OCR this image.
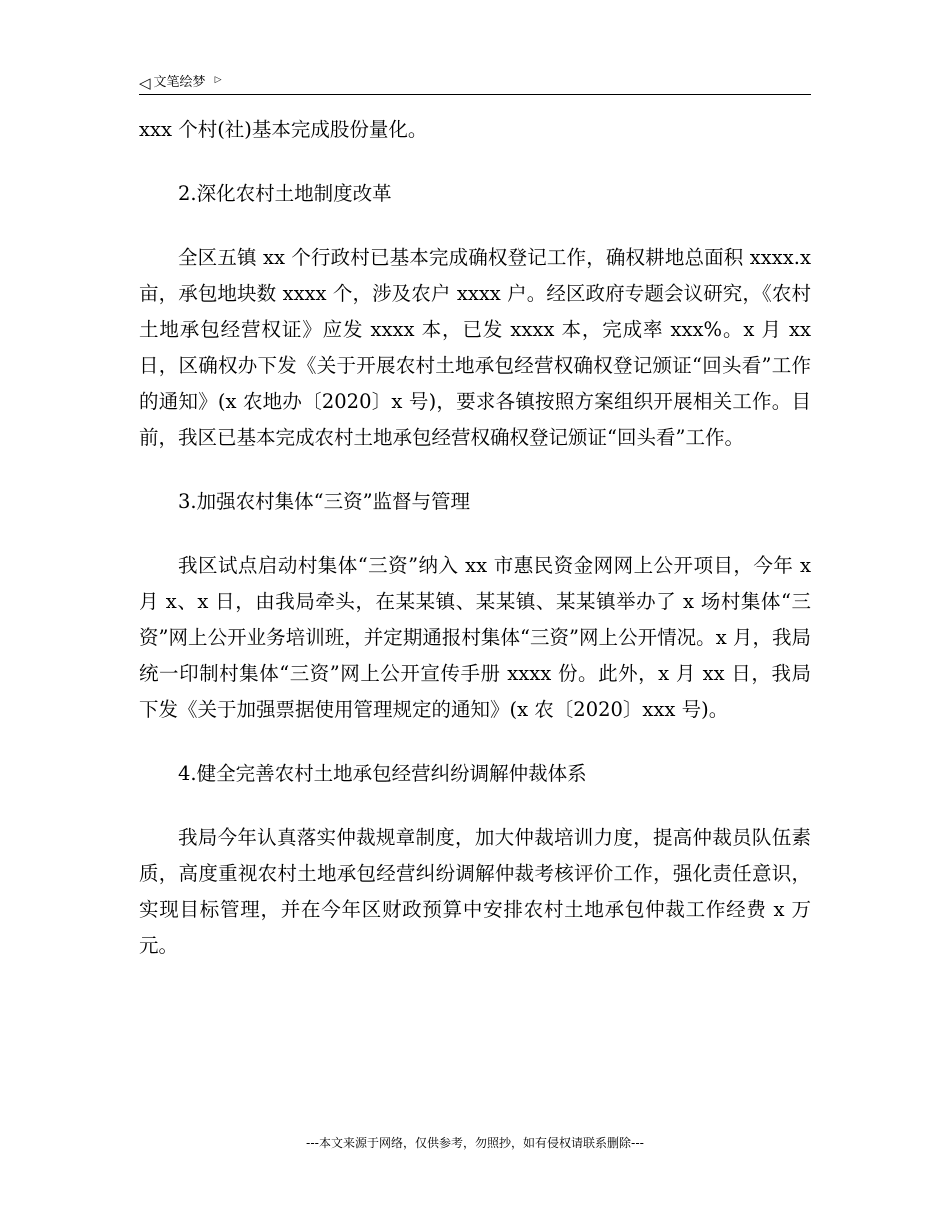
◁ 文笔绘梦 ▷

xxx 个村(社)基本完成股份量化。

2.深化农村土地制度改革

全区五镇 xx 个行政村已基本完成确权登记工作，确权耕地总面积 xxxx.x 亩，承包地块数 xxxx 个，涉及农户 xxxx 户。经区政府专题会议研究，《农村土地承包经营权证》应发 xxxx 本，已发 xxxx 本，完成率 xxx%。x 月 xx 日，区确权办下发《关于开展农村土地承包经营权确权登记颁证“回头看”工作的通知》(x 农地办〔2020〕x 号)，要求各镇按照方案组织开展相关工作。目前，我区已基本完成农村土地承包经营权确权登记颁证“回头看”工作。

3.加强农村集体“三资”监督与管理

我区试点启动村集体“三资”纳入 xx 市惠民资金网网上公开项目，今年 x 月 x、x 日，由我局牵头，在某某镇、某某镇、某某镇举办了 x 场村集体“三资”网上公开业务培训班，并定期通报村集体“三资”网上公开情况。x 月，我局统一印制村集体“三资”网上公开宣传手册 xxxx 份。此外，x 月 xx 日，我局下发《关于加强票据使用管理规定的通知》(x 农〔2020〕xxx 号)。

4.健全完善农村土地承包经营纠纷调解仲裁体系

我局今年认真落实仲裁规章制度，加大仲裁培训力度，提高仲裁员队伍素质，高度重视农村土地承包经营纠纷调解仲裁考核评价工作，强化责任意识，实现目标管理，并在今年区财政预算中安排农村土地承包仲裁工作经费 x 万元。

---本文来源于网络，仅供参考，勿照抄，如有侵权请联系删除---
